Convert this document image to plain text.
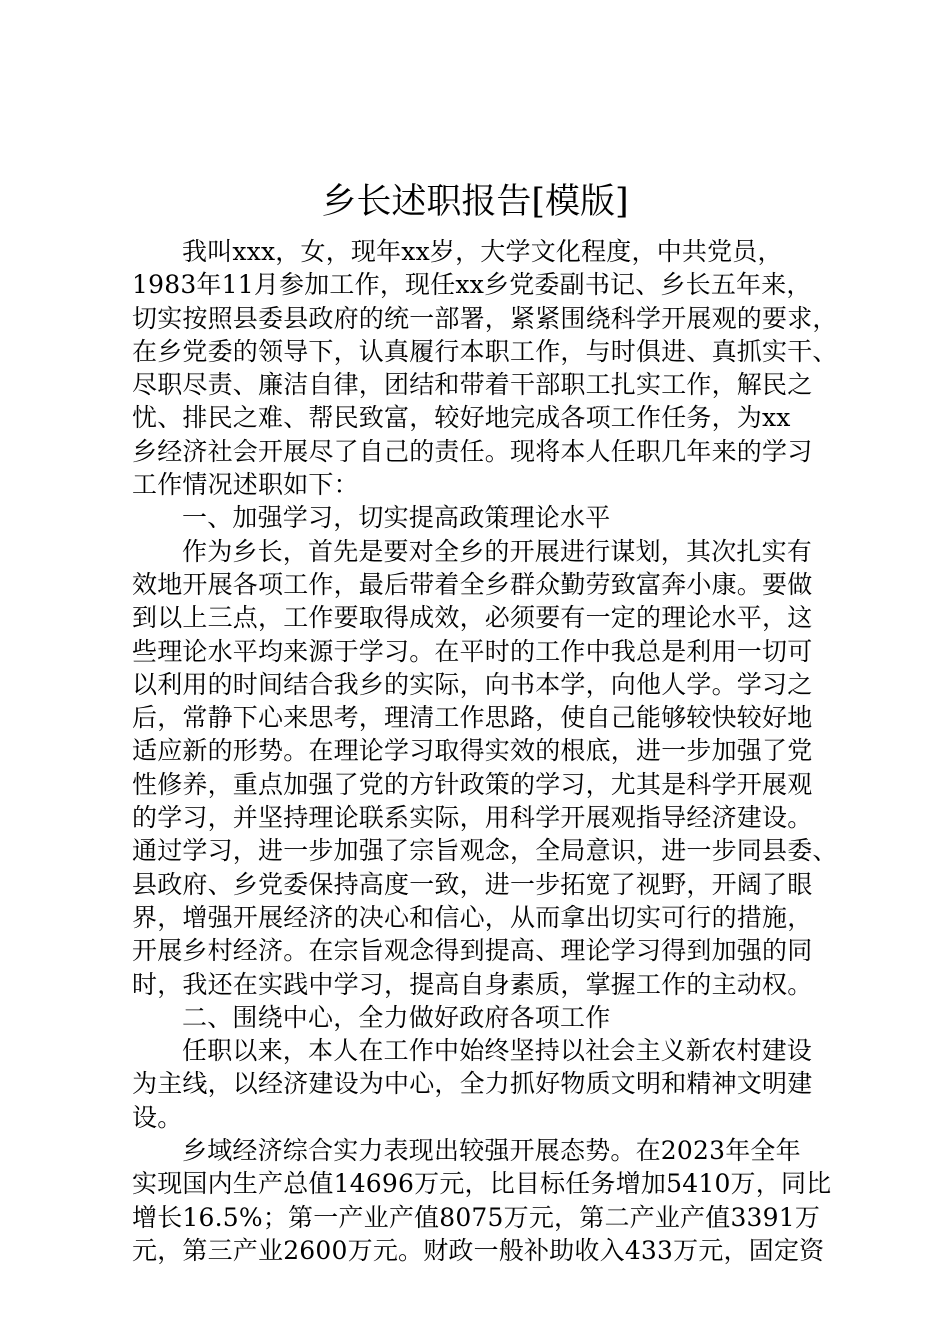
乡长述职报告[模版]
我叫xxx，女，现年xx岁，大学文化程度，中共党员，
1983年11月参加工作，现任xx乡党委副书记、乡长五年来，
切实按照县委县政府的统一部署，紧紧围绕科学开展观的要求，
在乡党委的领导下，认真履行本职工作，与时俱进、真抓实干、
尽职尽责、廉洁自律，团结和带着干部职工扎实工作，解民之
忧、排民之难、帮民致富，较好地完成各项工作任务，为xx
乡经济社会开展尽了自己的责任。现将本人任职几年来的学习
工作情况述职如下：
一、加强学习，切实提高政策理论水平
作为乡长，首先是要对全乡的开展进行谋划，其次扎实有
效地开展各项工作，最后带着全乡群众勤劳致富奔小康。要做
到以上三点，工作要取得成效，必须要有一定的理论水平，这
些理论水平均来源于学习。在平时的工作中我总是利用一切可
以利用的时间结合我乡的实际，向书本学，向他人学。学习之
后，常静下心来思考，理清工作思路，使自己能够较快较好地
适应新的形势。在理论学习取得实效的根底，进一步加强了党
性修养，重点加强了党的方针政策的学习，尤其是科学开展观
的学习，并坚持理论联系实际，用科学开展观指导经济建设。
通过学习，进一步加强了宗旨观念，全局意识，进一步同县委、
县政府、乡党委保持高度一致，进一步拓宽了视野，开阔了眼
界，增强开展经济的决心和信心，从而拿出切实可行的措施，
开展乡村经济。在宗旨观念得到提高、理论学习得到加强的同
时，我还在实践中学习，提高自身素质，掌握工作的主动权。
二、围绕中心，全力做好政府各项工作
任职以来，本人在工作中始终坚持以社会主义新农村建设
为主线，以经济建设为中心，全力抓好物质文明和精神文明建
设。
乡域经济综合实力表现出较强开展态势。在2023年全年
实现国内生产总值14696万元，比目标任务增加5410万，同比
增长16.5%；第一产业产值8075万元，第二产业产值3391万
元，第三产业2600万元。财政一般补助收入433万元，固定资
